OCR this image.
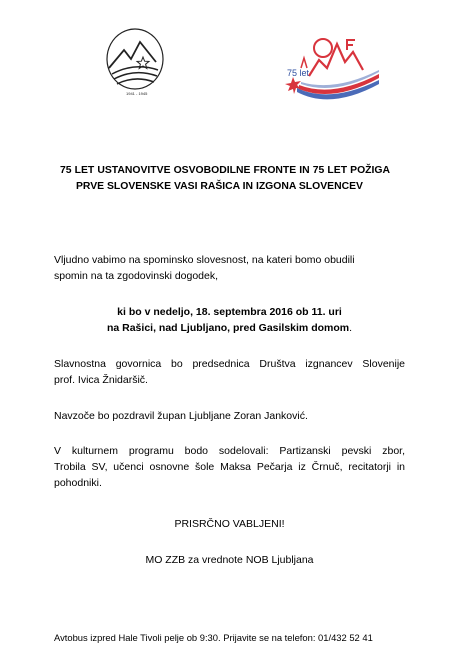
1941 - 1945
75 let
75 LET USTANOVITVE OSVOBODILNE FRONTE IN 75 LET POŽIGA
PRVE SLOVENSKE VASI RAŠICA IN IZGONA SLOVENCEV
Vljudno vabimo na spominsko slovesnost, na kateri bomo obudili
spomin na ta zgodovinski dogodek,
ki bo v nedeljo, 18. septembra 2016 ob 11. uri
na Rašici, nad Ljubljano, pred Gasilskim domom.
Slavnostna govornica bo predsednica Društva izgnancev Slovenije
prof. Ivica Žnidaršič.
Navzoče bo pozdravil župan Ljubljane Zoran Janković.
V kulturnem programu bodo sodelovali: Partizanski pevski zbor,
Trobila SV, učenci osnovne šole Maksa Pečarja iz Črnuč, recitatorji in
pohodniki.
PRISRČNO VABLJENI!
MO ZZB za vrednote NOB Ljubljana
Avtobus izpred Hale Tivoli pelje ob 9:30. Prijavite se na telefon: 01/432 52 41
